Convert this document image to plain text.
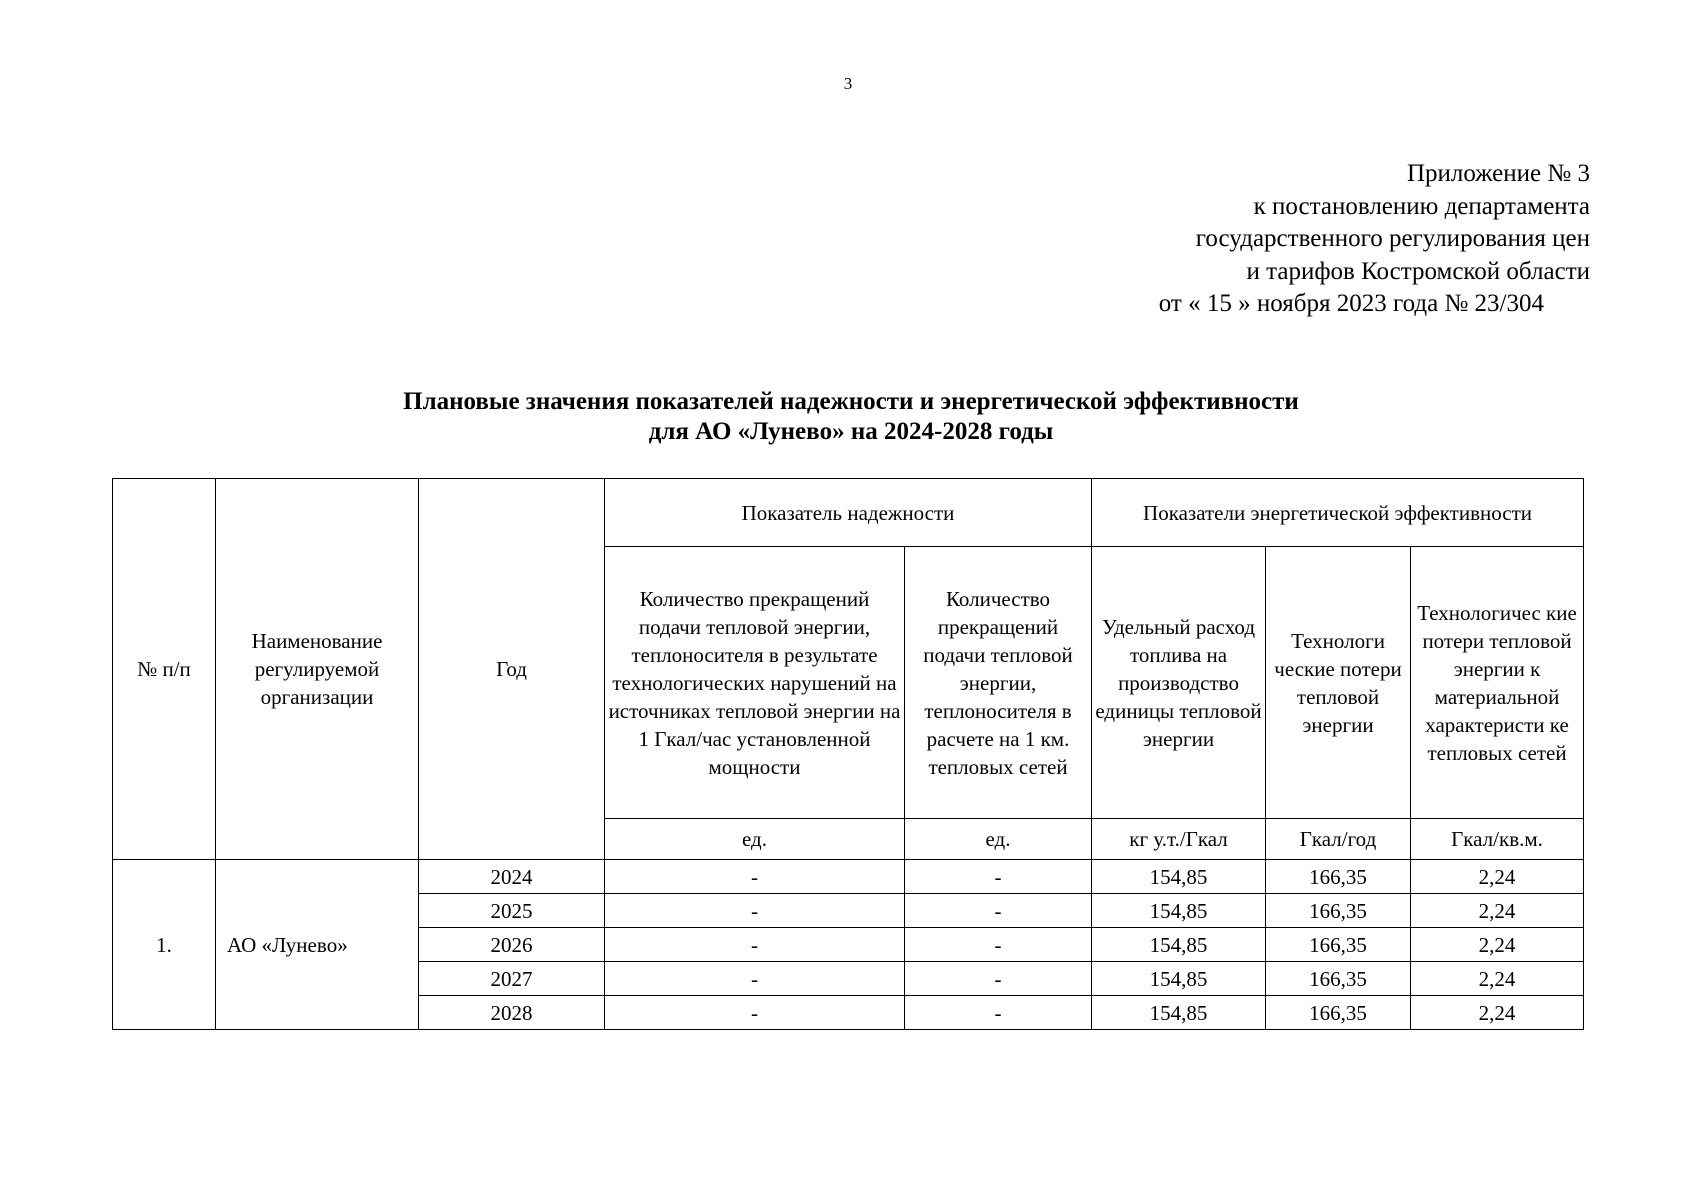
3
Приложение № 3
к постановлению департамента
государственного регулирования цен
и тарифов Костромской области
от « 15 » ноября 2023 года № 23/304
Плановые значения показателей надежности и энергетической эффективности
для АО «Луневo» на 2024-2028 годы
№ п/п	Наименование регулируемой организации	Год	Показатель надежности		Показатели энергетической эффективности		
			Количество прекращений подачи тепловой энергии, теплоносителя в результате технологических нарушений на источниках тепловой энергии на 1 Гкал/час установленной мощности	Количество прекращений подачи тепловой энергии, теплоносителя в расчете на 1 км. тепловых сетей	Удельный расход топлива на производство единицы тепловой энергии	Технологи ческие потери тепловой энергии	Технологичес кие потери тепловой энергии к материальной характеристи ке тепловых сетей
			ед.	ед.	кг у.т./Гкал	Гкал/год	Гкал/кв.м.
1.	АО «Луневo»	2024	-	-	154,85	166,35	2,24
		2025	-	-	154,85	166,35	2,24
		2026	-	-	154,85	166,35	2,24
		2027	-	-	154,85	166,35	2,24
		2028	-	-	154,85	166,35	2,24
